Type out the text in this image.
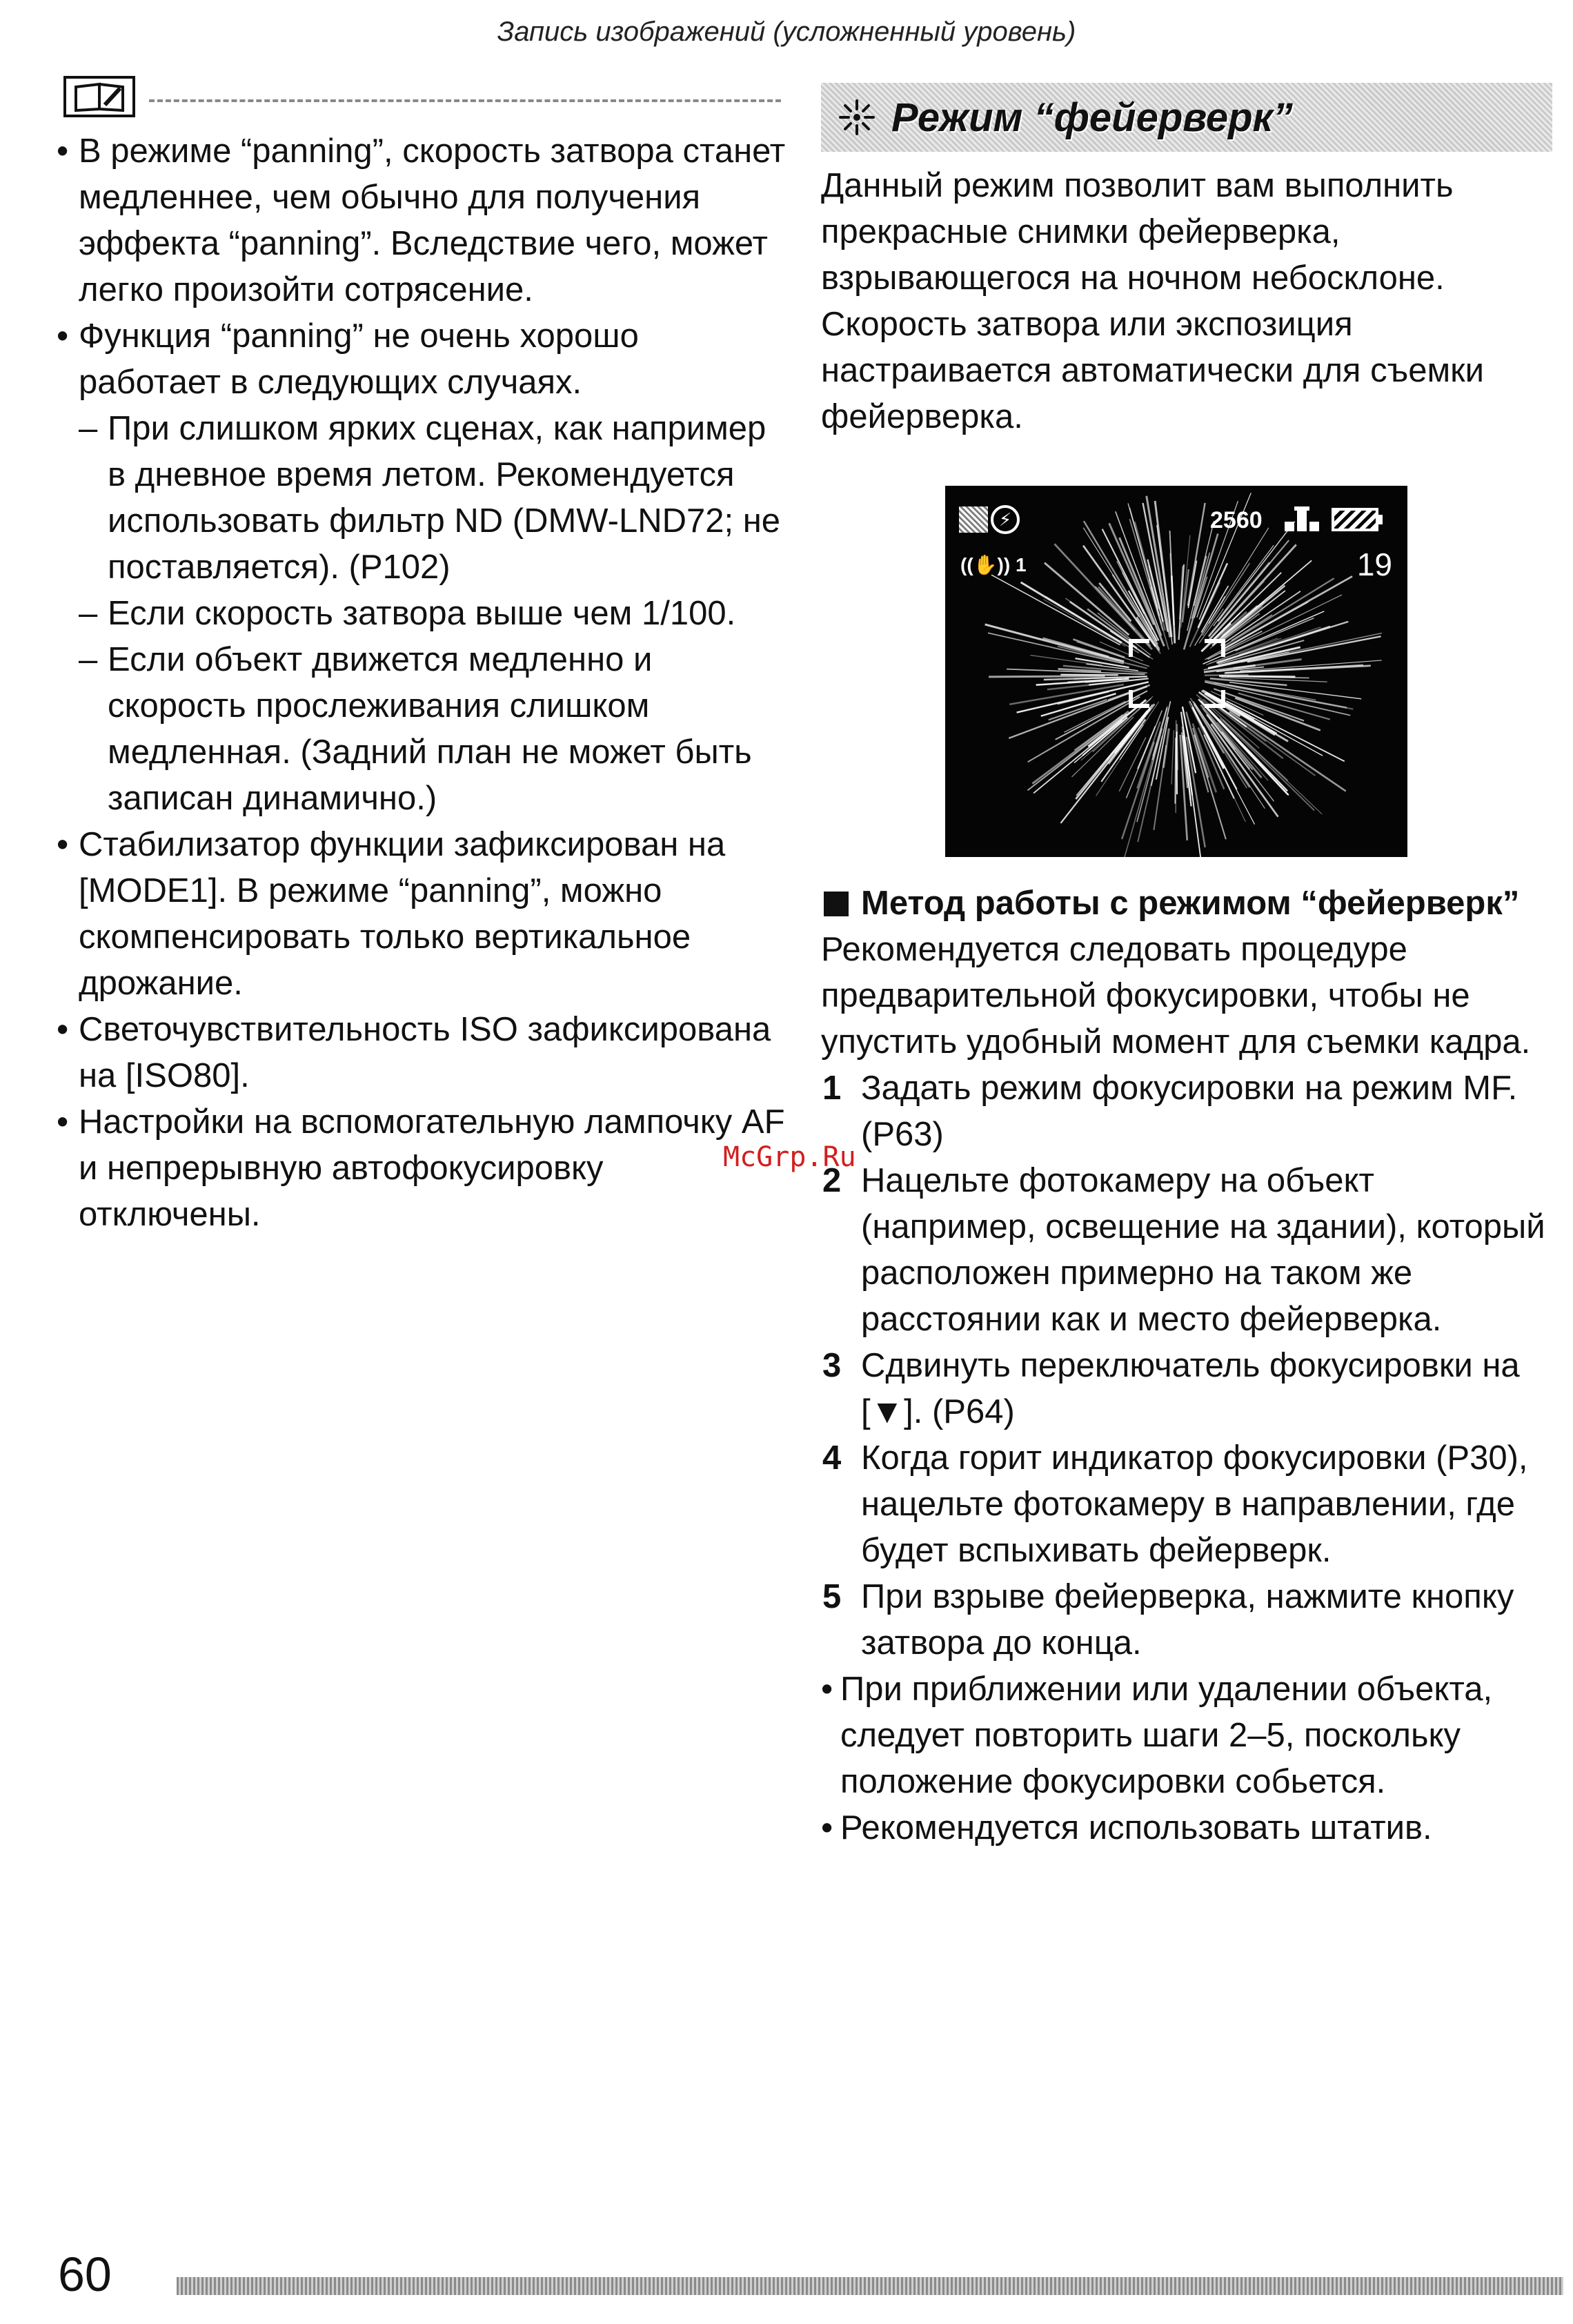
Запись изображений (усложненный уровень)
• В режиме “panning”, скорость затвора станет медленнее, чем обычно для получения эффекта “panning”. Вследствие чего, может легко произойти сотрясение.
• Функция “panning” не очень хорошо работает в следующих случаях.
– При слишком ярких сценах, как например в дневное время летом. Рекомендуется использовать фильтр ND (DMW-LND72; не поставляется). (P102)
– Если скорость затвора выше чем 1/100.
– Если объект движется медленно и скорость прослеживания слишком медленная. (Задний план не может быть записан динамично.)
• Стабилизатор функции зафиксирован на [MODE1]. В режиме “panning”, можно скомпенсировать только вертикальное дрожание.
• Светочувствительность ISO зафиксирована на [ISO80].
• Настройки на вспомогательную лампочку AF и непрерывную автофокусировку отключены.
Режим “фейерверк”

Данный режим позволит вам выполнить прекрасные снимки фейерверка, взрывающегося на ночном небосклоне. Скорость затвора или экспозиция настраивается автоматически для съемки фейерверка.

⚡	2560
((✋)) 1	19
Метод работы с режимом “фейерверк”

Рекомендуется следовать процедуре предварительной фокусировки, чтобы не упустить удобный момент для съемки кадра.

1 Задать режим фокусировки на режим MF. (P63)
2 Нацельте фотокамеру на объект (например, освещение на здании), который расположен примерно на таком же расстоянии как и место фейерверка.
3 Сдвинуть переключатель фокусировки на [▼]. (P64)
4 Когда горит индикатор фокусировки (P30), нацельте фотокамеру в направлении, где будет вспыхивать фейерверк.
5 При взрыве фейерверка, нажмите кнопку затвора до конца.
• При приближении или удалении объекта, следует повторить шаги 2–5, поскольку положение фокусировки собьется.
• Рекомендуется использовать штатив.
McGrp.Ru
60
